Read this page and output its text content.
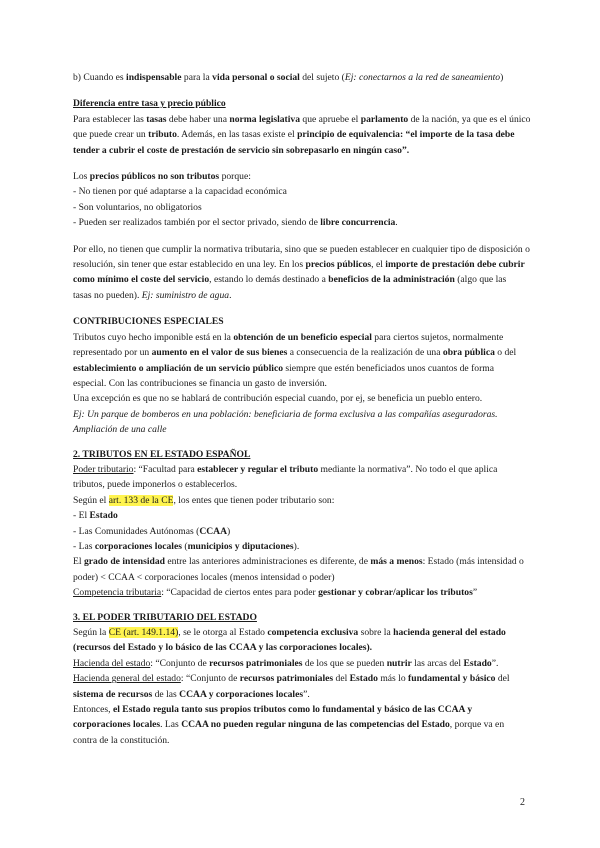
b) Cuando es indispensable para la vida personal o social del sujeto (Ej: conectarnos a la red de saneamiento)

Diferencia entre tasa y precio público

Para establecer las tasas debe haber una norma legislativa que apruebe el parlamento de la nación, ya que es el único

que puede crear un tributo. Además, en las tasas existe el principio de equivalencia: “el importe de la tasa debe

tender a cubrir el coste de prestación de servicio sin sobrepasarlo en ningún caso”.

Los precios públicos no son tributos porque:

- No tienen por qué adaptarse a la capacidad económica

- Son voluntarios, no obligatorios

- Pueden ser realizados también por el sector privado, siendo de libre concurrencia.

Por ello, no tienen que cumplir la normativa tributaria, sino que se pueden establecer en cualquier tipo de disposición o

resolución, sin tener que estar establecido en una ley. En los precios públicos, el importe de prestación debe cubrir

como mínimo el coste del servicio, estando lo demás destinado a beneficios de la administración (algo que las

tasas no pueden). Ej: suministro de agua.

CONTRIBUCIONES ESPECIALES

Tributos cuyo hecho imponible está en la obtención de un beneficio especial para ciertos sujetos, normalmente

representado por un aumento en el valor de sus bienes a consecuencia de la realización de una obra pública o del

establecimiento o ampliación de un servicio público siempre que estén beneficiados unos cuantos de forma

especial. Con las contribuciones se financia un gasto de inversión.

Una excepción es que no se hablará de contribución especial cuando, por ej, se beneficia un pueblo entero.

Ej: Un parque de bomberos en una población: beneficiaria de forma exclusiva a las compañías aseguradoras.

Ampliación de una calle

2. TRIBUTOS EN EL ESTADO ESPAÑOL

Poder tributario: “Facultad para establecer y regular el tributo mediante la normativa”. No todo el que aplica

tributos, puede imponerlos o establecerlos.

Según el art. 133 de la CE, los entes que tienen poder tributario son:

- El Estado

- Las Comunidades Autónomas (CCAA)

- Las corporaciones locales (municipios y diputaciones).

El grado de intensidad entre las anteriores administraciones es diferente, de más a menos: Estado (más intensidad o

poder) < CCAA < corporaciones locales (menos intensidad o poder)

Competencia tributaria: “Capacidad de ciertos entes para poder gestionar y cobrar/aplicar los tributos”

3. EL PODER TRIBUTARIO DEL ESTADO

Según la CE (art. 149.1.14), se le otorga al Estado competencia exclusiva sobre la hacienda general del estado

(recursos del Estado y lo básico de las CCAA y las corporaciones locales).

Hacienda del estado: “Conjunto de recursos patrimoniales de los que se pueden nutrir las arcas del Estado”.

Hacienda general del estado: “Conjunto de recursos patrimoniales del Estado más lo fundamental y básico del

sistema de recursos de las CCAA y corporaciones locales”.

Entonces, el Estado regula tanto sus propios tributos como lo fundamental y básico de las CCAA y

corporaciones locales. Las CCAA no pueden regular ninguna de las competencias del Estado, porque va en

contra de la constitución.

2
